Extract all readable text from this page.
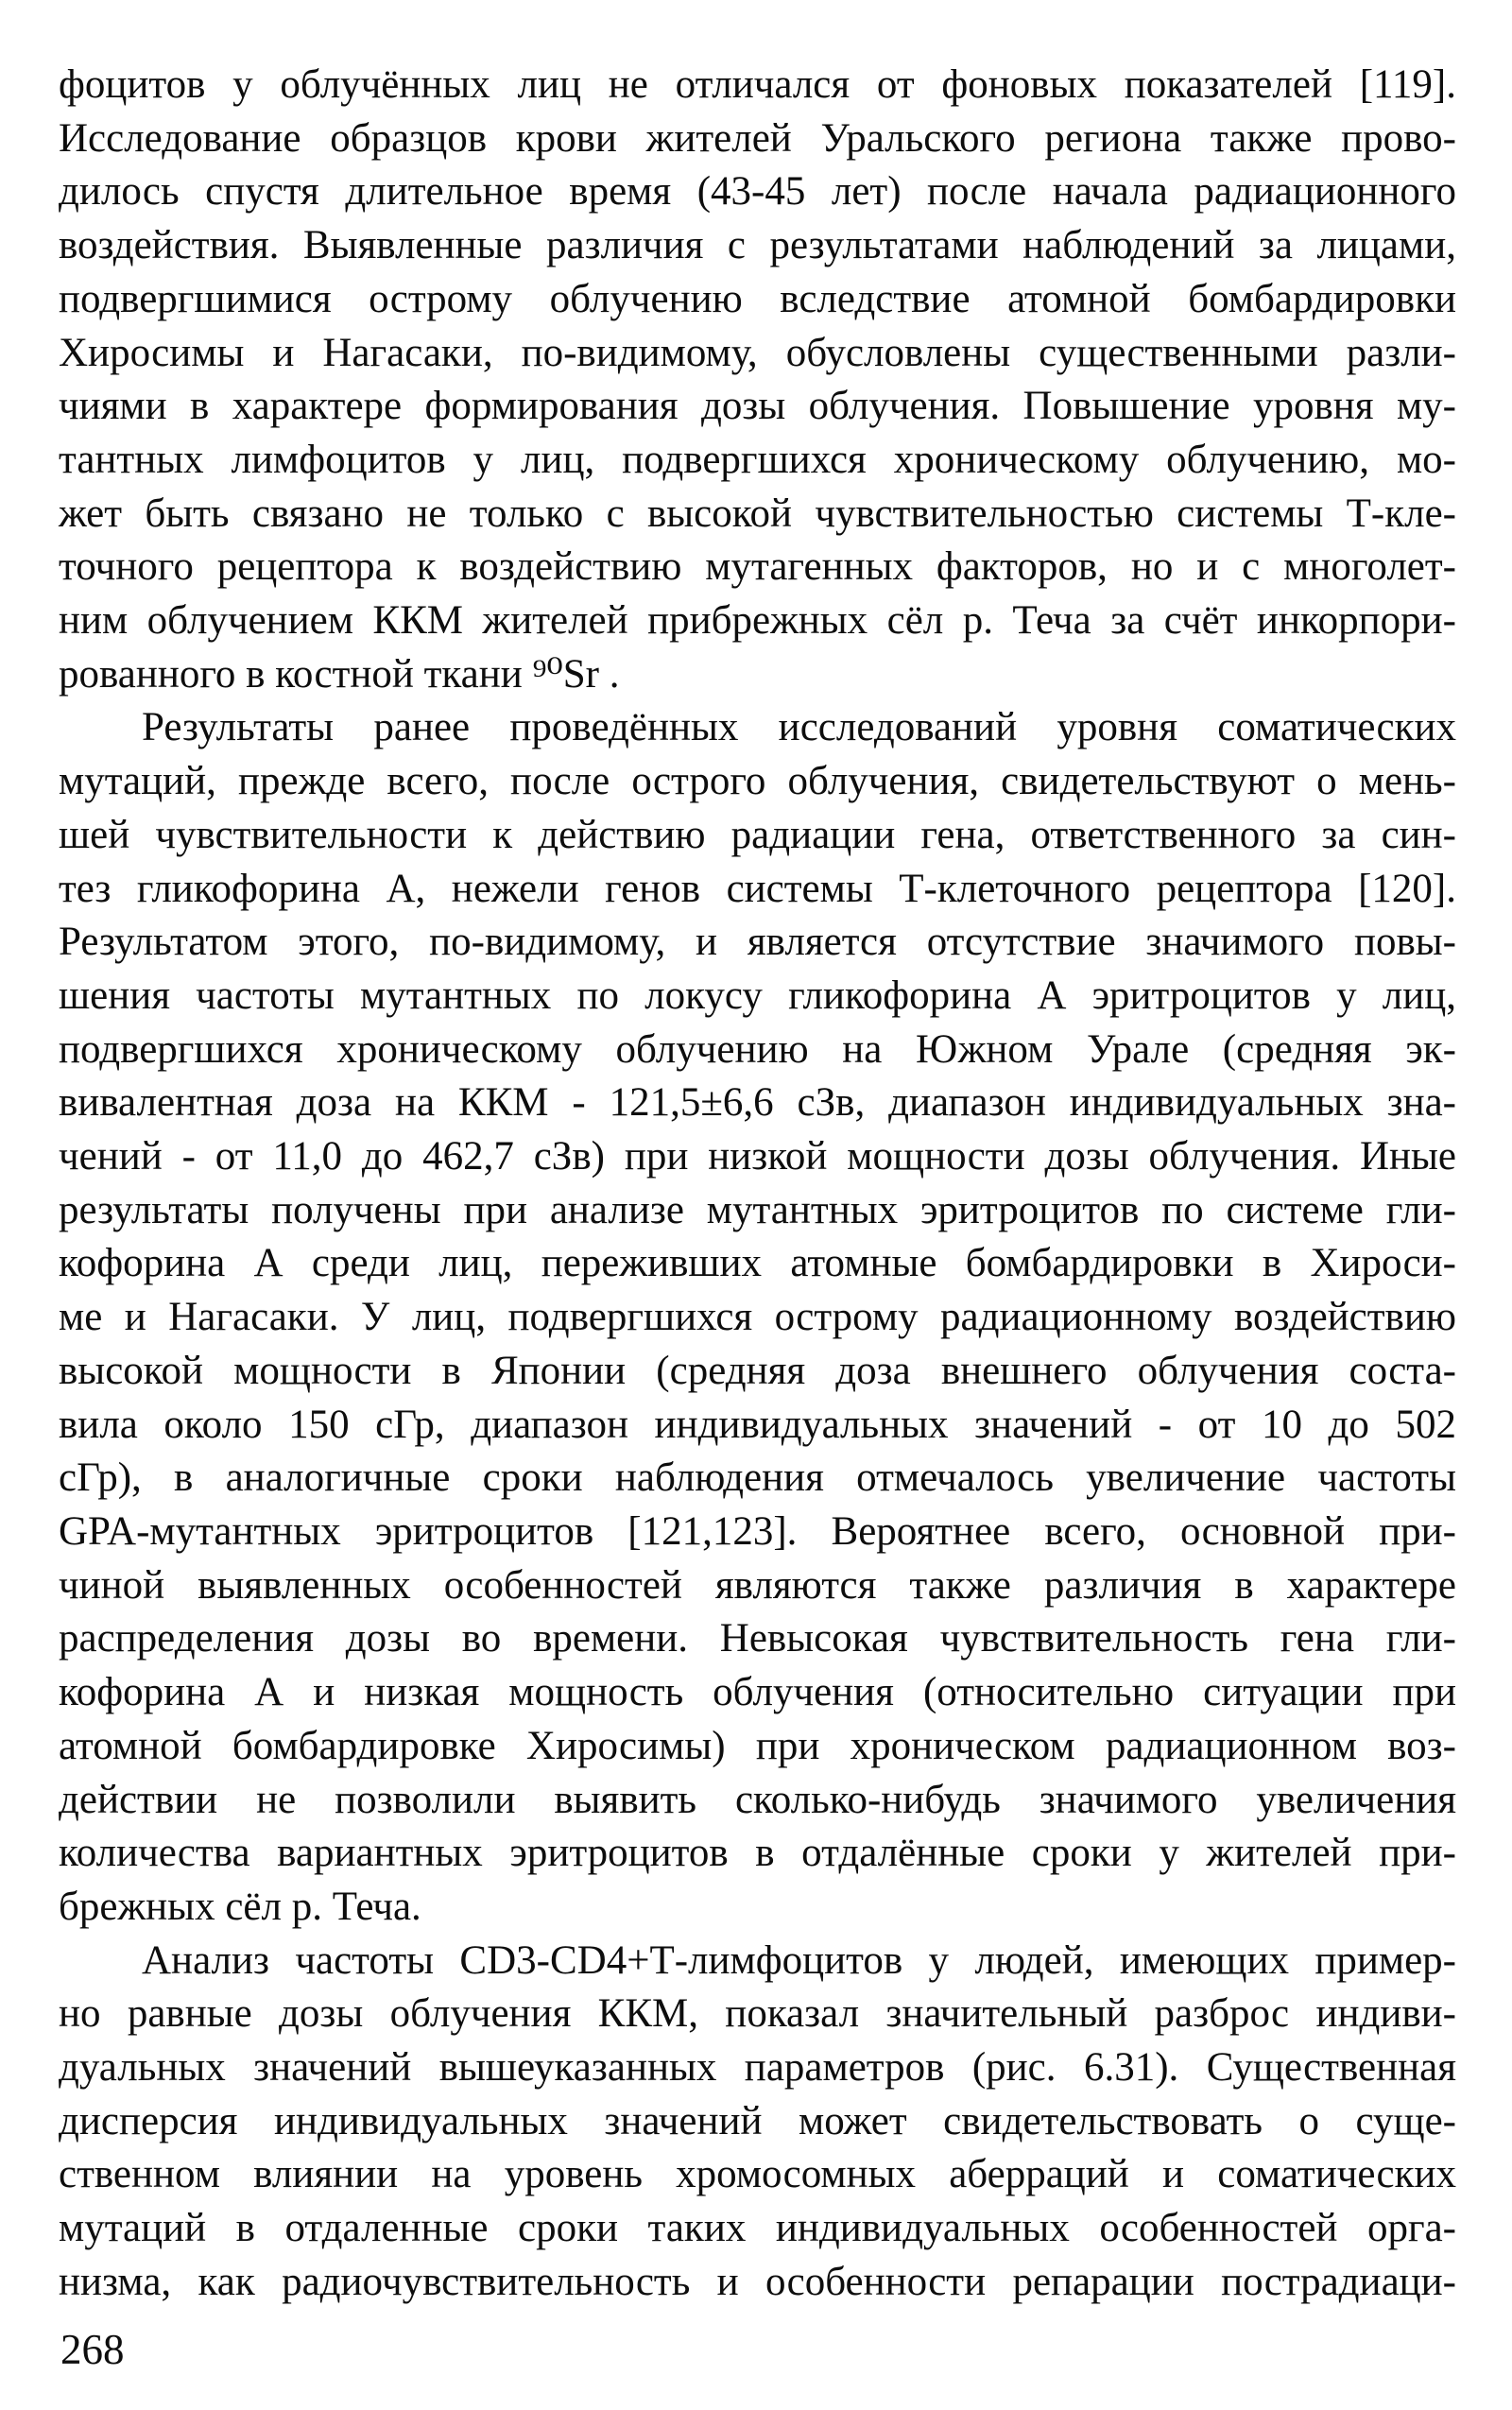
фоцитов у облучённых лиц не отличался от фоновых показателей [119].
Исследование образцов крови жителей Уральского региона также прово-
дилось спустя длительное время (43-45 лет) после начала радиационного
воздействия. Выявленные различия с результатами наблюдений за лицами,
подвергшимися острому облучению вследствие атомной бомбардировки
Хиросимы и Нагасаки, по-видимому, обусловлены существенными разли-
чиями в характере формирования дозы облучения. Повышение уровня му-
тантных лимфоцитов у лиц, подвергшихся хроническому облучению, мо-
жет быть связано не только с высокой чувствительностью системы Т-кле-
точного рецептора к воздействию мутагенных факторов, но и с многолет-
ним облучением ККМ жителей прибрежных сёл р. Теча за счёт инкорпори-
рованного в костной ткани ⁹⁰Sr .
Результаты ранее проведённых исследований уровня соматических
мутаций, прежде всего, после острого облучения, свидетельствуют о мень-
шей чувствительности к действию радиации гена, ответственного за син-
тез гликофорина А, нежели генов системы Т-клеточного рецептора [120].
Результатом этого, по-видимому, и является отсутствие значимого повы-
шения частоты мутантных по локусу гликофорина А эритроцитов у лиц,
подвергшихся хроническому облучению на Южном Урале (средняя эк-
вивалентная доза на ККМ - 121,5±6,6 сЗв, диапазон индивидуальных зна-
чений - от 11,0 до 462,7 сЗв) при низкой мощности дозы облучения. Иные
результаты получены при анализе мутантных эритроцитов по системе гли-
кофорина А среди лиц, переживших атомные бомбардировки в Хироси-
ме и Нагасаки. У лиц, подвергшихся острому радиационному воздействию
высокой мощности в Японии (средняя доза внешнего облучения соста-
вила около 150 сГр, диапазон индивидуальных значений - от 10 до 502
сГр), в аналогичные сроки наблюдения отмечалось увеличение частоты
GPA-мутантных эритроцитов [121,123]. Вероятнее всего, основной при-
чиной выявленных особенностей являются также различия в характере
распределения дозы во времени. Невысокая чувствительность гена гли-
кофорина А и низкая мощность облучения (относительно ситуации при
атомной бомбардировке Хиросимы) при хроническом радиационном воз-
действии не позволили выявить сколько-нибудь значимого увеличения
количества вариантных эритроцитов в отдалённые сроки у жителей при-
брежных сёл р. Теча.
Анализ частоты CD3-CD4+Т-лимфоцитов у людей, имеющих пример-
но равные дозы облучения ККМ, показал значительный разброс индиви-
дуальных значений вышеуказанных параметров (рис. 6.31). Существенная
дисперсия индивидуальных значений может свидетельствовать о суще-
ственном влиянии на уровень хромосомных аберраций и соматических
мутаций в отдаленные сроки таких индивидуальных особенностей орга-
низма, как радиочувствительность и особенности репарации пострадиаци-
268
